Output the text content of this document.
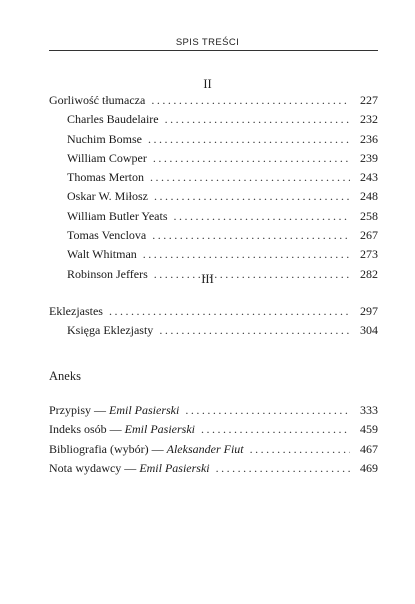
SPIS TREŚCI
II
Gorliwość tłumacza . . .	227
Charles Baudelaire . . .	232
Nuchim Bomse . . .	236
William Cowper . . .	239
Thomas Merton . . .	243
Oskar W. Miłosz . . .	248
William Butler Yeats . . .	258
Tomas Venclova . . .	267
Walt Whitman . . .	273
Robinson Jeffers . . .	282
III
Eklezjastes . . .	297
Księga Eklezjasty . . .	304
Aneks
Przypisy — Emil Pasierski . . .	333
Indeks osób — Emil Pasierski . . .	459
Bibliografia (wybór) — Aleksander Fiut . . .	467
Nota wydawcy — Emil Pasierski . . .	469
